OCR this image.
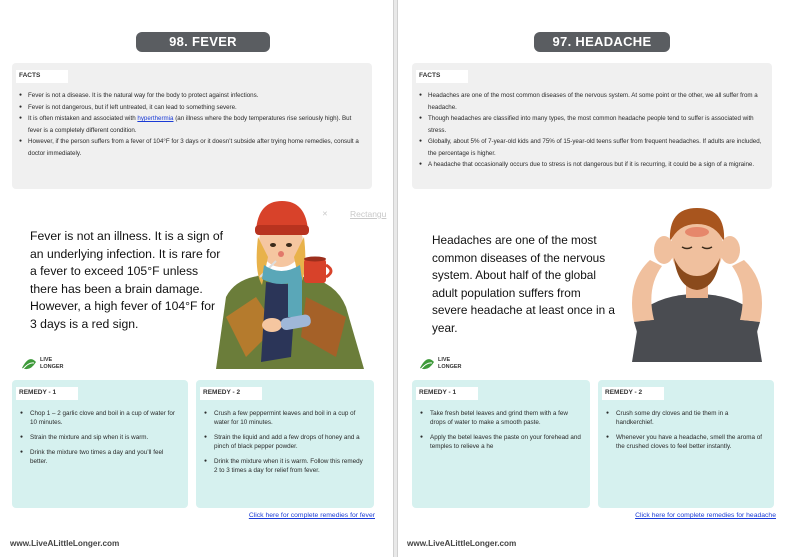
98. FEVER
FACTS
● Fever is not a disease. It is the natural way for the body to protect against infections.
● Fever is not dangerous, but if left untreated, it can lead to something severe.
● It is often mistaken and associated with hyperthermia (an illness where the body temperatures rise seriously high). But fever is a completely different condition.
● However, if the person suffers from a fever of 104°F for 3 days or it doesn’t subside after trying home remedies, consult a doctor immediately.
Fever is not an illness. It is a sign of an underlying infection. It is rare for a fever to exceed 105°F unless there has been a brain damage. However, a high fever of 104°F for 3 days is a red sign.
LIVE
LONGER
REMEDY - 1
● Chop 1 – 2 garlic clove and boil in a cup of water for 10 minutes.
● Strain the mixture and sip when it is warm.
● Drink the mixture two times a day and you’ll feel better.
REMEDY - 2
● Crush a few peppermint leaves and boil in a cup of water for 10 minutes.
● Strain the liquid and add a few drops of honey and a pinch of black pepper powder.
● Drink the mixture when it is warm. Follow this remedy 2 to 3 times a day for relief from fever.
Click here for complete remedies for fever
www.LiveALittleLonger.com
97. HEADACHE
FACTS
● Headaches are one of the most common diseases of the nervous system. At some point or the other, we all suffer from a headache.
● Though headaches are classified into many types, the most common headache people tend to suffer is associated with stress.
● Globally, about 5% of 7-year-old kids and 75% of 15-year-old teens suffer from frequent headaches. If adults are included, the percentage is higher.
● A headache that occasionally occurs due to stress is not dangerous but if it is recurring, it could be a sign of a migraine.
Headaches are one of the most common diseases of the nervous system. About half of the global adult population suffers from severe headache at least once in a year.
LIVE
LONGER
REMEDY - 1
● Take fresh betel leaves and grind them with a few drops of water to make a smooth paste.
● Apply the betel leaves the paste on your forehead and temples to relieve a he
REMEDY - 2
● Crush some dry cloves and tie them in a handkerchief.
● Whenever you have a headache, smell the aroma of the crushed cloves to feel better instantly.
Click here for complete remedies for headache
www.LiveALittleLonger.com
✕	Rectangu
